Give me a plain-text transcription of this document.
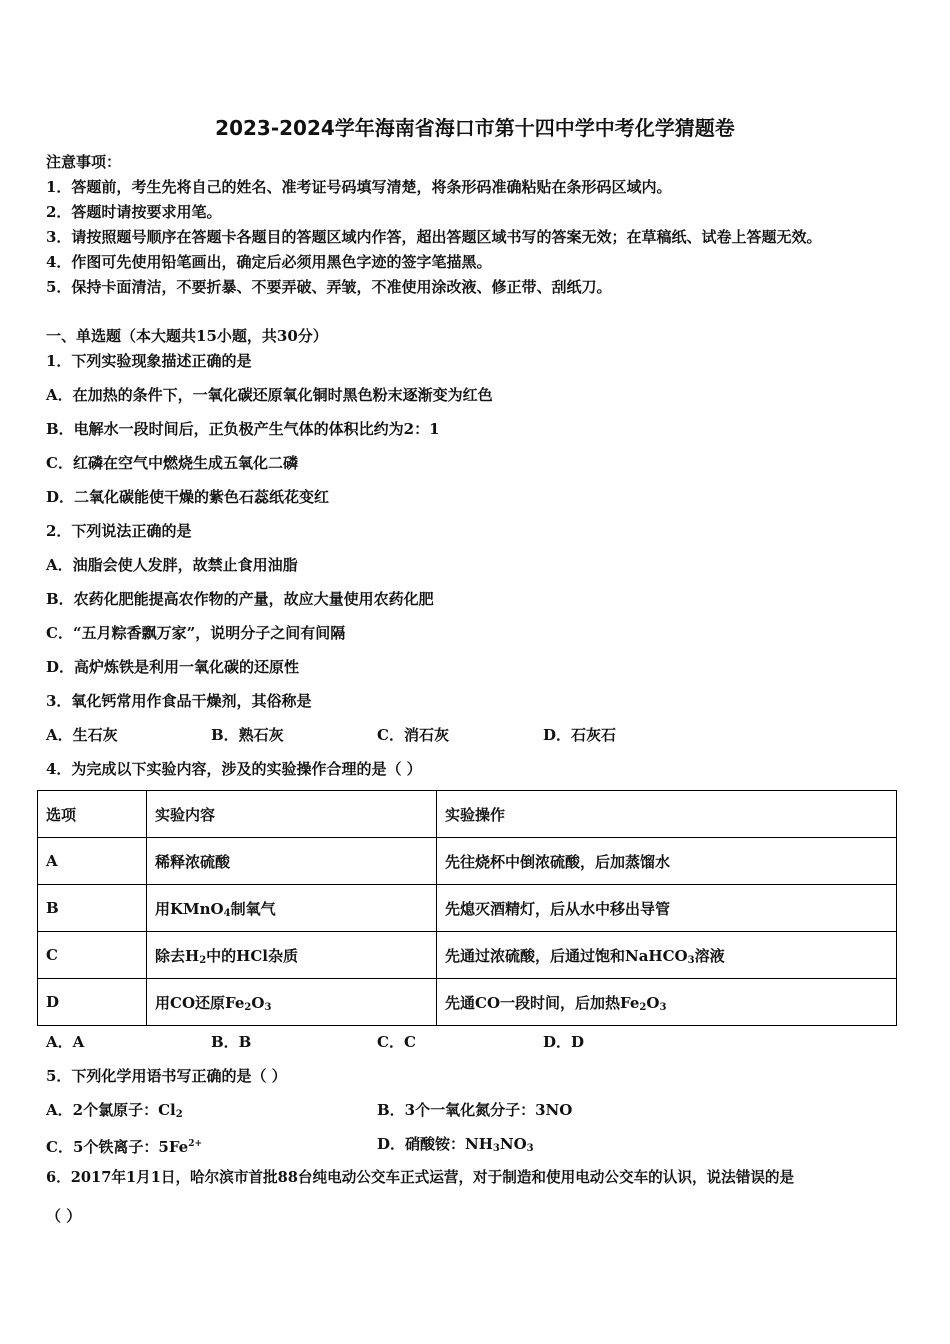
2023-2024学年海南省海口市第十四中学中考化学猜题卷
注意事项：
1．答题前，考生先将自己的姓名、准考证号码填写清楚，将条形码准确粘贴在条形码区域内。
2．答题时请按要求用笔。
3．请按照题号顺序在答题卡各题目的答题区域内作答，超出答题区域书写的答案无效；在草稿纸、试卷上答题无效。
4．作图可先使用铅笔画出，确定后必须用黑色字迹的签字笔描黑。
5．保持卡面清洁，不要折暴、不要弄破、弄皱，不准使用涂改液、修正带、刮纸刀。
一、单选题（本大题共15小题，共30分）
1．下列实验现象描述正确的是
A．在加热的条件下，一氧化碳还原氧化铜时黑色粉末逐渐变为红色
B．电解水一段时间后，正负极产生气体的体积比约为2：1
C．红磷在空气中燃烧生成五氧化二磷
D．二氧化碳能使干燥的紫色石蕊纸花变红
2．下列说法正确的是
A．油脂会使人发胖，故禁止食用油脂
B．农药化肥能提高农作物的产量，故应大量使用农药化肥
C．“五月粽香飘万家”，说明分子之间有间隔
D．高炉炼铁是利用一氧化碳的还原性
3．氧化钙常用作食品干燥剂，其俗称是
A．生石灰	B．熟石灰	C．消石灰	D．石灰石
4．为完成以下实验内容，涉及的实验操作合理的是（ ）
选项	实验内容	实验操作
A	稀释浓硫酸	先往烧杯中倒浓硫酸，后加蒸馏水
B	用KMnO$_4$制氧气	先熄灭酒精灯，后从水中移出导管
C	除去$H_2$中的HCl杂质	先通过浓硫酸，后通过饱和NaHCO$_3$溶液
D	用CO还原$Fe_2O_3$	先通CO一段时间，后加热$Fe_2O_3$
A．A	B．B	C．C	D．D
5．下列化学用语书写正确的是（ ）
A．2个氯原子：$Cl_2$	B．3个一氧化氮分子：3NO
C．5个铁离子：$5Fe^{2+}$	D．硝酸铵：$NH_3NO_3$
6．2017年1月1日，哈尔滨市首批88台纯电动公交车正式运营，对于制造和使用电动公交车的认识，说法错误的是
（ ）
